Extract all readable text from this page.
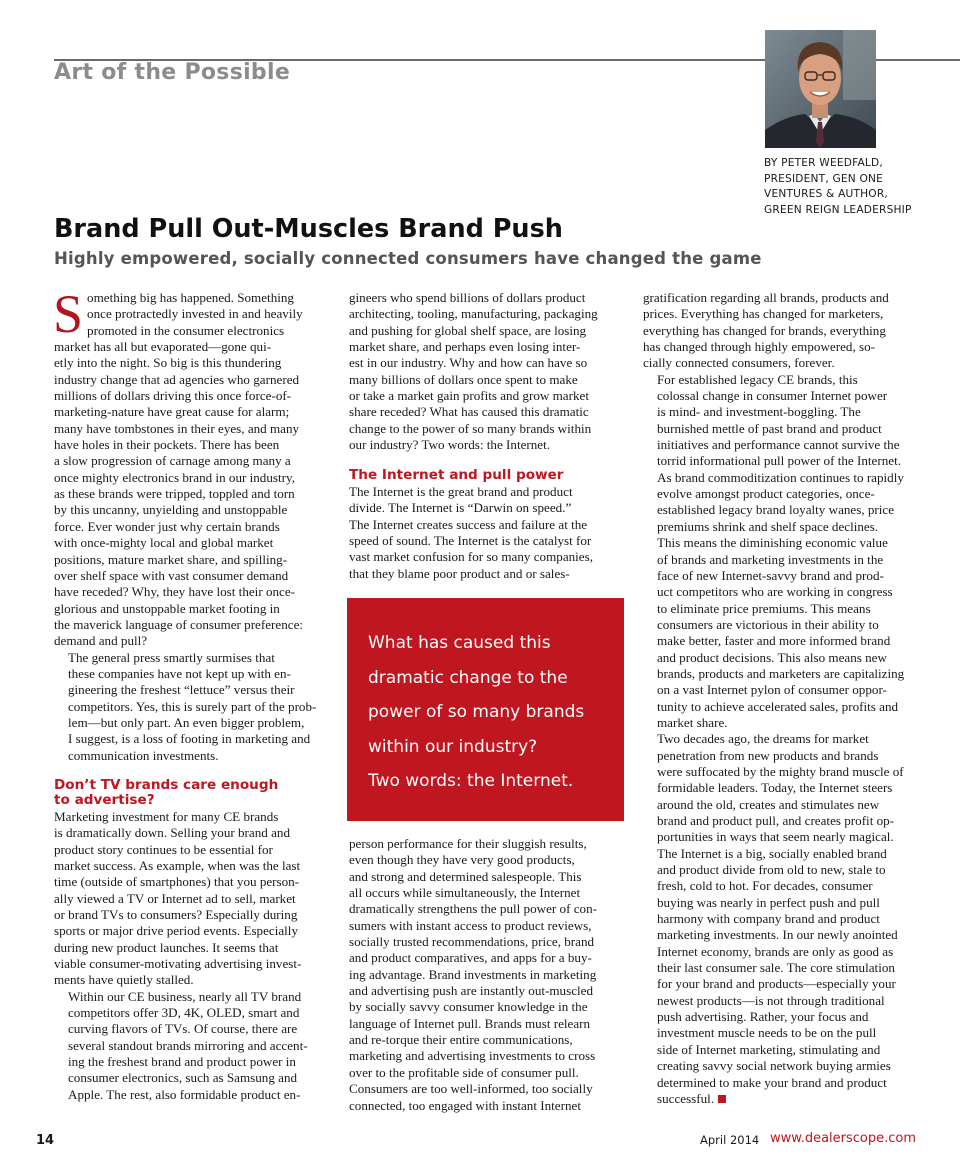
Art of the Possible
BY PETER WEEDFALD,
PRESIDENT, GEN ONE
VENTURES & AUTHOR,
GREEN REIGN LEADERSHIP
Brand Pull Out-Muscles Brand Push
Highly empowered, socially connected consumers have changed the game

S omething big has happened. Something
once protractedly invested in and heavily
promoted in the consumer electronics
market has all but evaporated—gone qui-
etly into the night. So big is this thundering
industry change that ad agencies who garnered
millions of dollars driving this once force-of-
marketing-nature have great cause for alarm;
many have tombstones in their eyes, and many
have holes in their pockets. There has been
a slow progression of carnage among many a
once mighty electronics brand in our industry,
as these brands were tripped, toppled and torn
by this uncanny, unyielding and unstoppable
force. Ever wonder just why certain brands
with once-mighty local and global market
positions, mature market share, and spilling-
over shelf space with vast consumer demand
have receded? Why, they have lost their once-
glorious and unstoppable market footing in
the maverick language of consumer preference:
demand and pull?

The general press smartly surmises that
these companies have not kept up with en-
gineering the freshest “lettuce” versus their
competitors. Yes, this is surely part of the prob-
lem—but only part. An even bigger problem,
I suggest, is a loss of footing in marketing and
communication investments.

Don’t TV brands care enough
to advertise?

Marketing investment for many CE brands
is dramatically down. Selling your brand and
product story continues to be essential for
market success. As example, when was the last
time (outside of smartphones) that you person-
ally viewed a TV or Internet ad to sell, market
or brand TVs to consumers? Especially during
sports or major drive period events. Especially
during new product launches. It seems that
viable consumer-motivating advertising invest-
ments have quietly stalled.

Within our CE business, nearly all TV brand
competitors offer 3D, 4K, OLED, smart and
curving flavors of TVs. Of course, there are
several standout brands mirroring and accent-
ing the freshest brand and product power in
consumer electronics, such as Samsung and
Apple. The rest, also formidable product en-

gineers who spend billions of dollars product
architecting, tooling, manufacturing, packaging
and pushing for global shelf space, are losing
market share, and perhaps even losing inter-
est in our industry. Why and how can have so
many billions of dollars once spent to make
or take a market gain profits and grow market
share receded? What has caused this dramatic
change to the power of so many brands within
our industry? Two words: the Internet.

The Internet and pull power

The Internet is the great brand and product
divide. The Internet is “Darwin on speed.”
The Internet creates success and failure at the
speed of sound. The Internet is the catalyst for
vast market confusion for so many companies,
that they blame poor product and or sales-

What has caused this
dramatic change to the
power of so many brands
within our industry?
Two words: the Internet.

person performance for their sluggish results,
even though they have very good products,
and strong and determined salespeople. This
all occurs while simultaneously, the Internet
dramatically strengthens the pull power of con-
sumers with instant access to product reviews,
socially trusted recommendations, price, brand
and product comparatives, and apps for a buy-
ing advantage. Brand investments in marketing
and advertising push are instantly out-muscled
by socially savvy consumer knowledge in the
language of Internet pull. Brands must relearn
and re-torque their entire communications,
marketing and advertising investments to cross
over to the profitable side of consumer pull.
Consumers are too well-informed, too socially
connected, too engaged with instant Internet

gratification regarding all brands, products and
prices. Everything has changed for marketers,
everything has changed for brands, everything
has changed through highly empowered, so-
cially connected consumers, forever.

For established legacy CE brands, this
colossal change in consumer Internet power
is mind- and investment-boggling. The
burnished mettle of past brand and product
initiatives and performance cannot survive the
torrid informational pull power of the Internet.
As brand commoditization continues to rapidly
evolve amongst product categories, once-
established legacy brand loyalty wanes, price
premiums shrink and shelf space declines.

This means the diminishing economic value
of brands and marketing investments in the
face of new Internet-savvy brand and prod-
uct competitors who are working in congress
to eliminate price premiums. This means
consumers are victorious in their ability to
make better, faster and more informed brand
and product decisions. This also means new
brands, products and marketers are capitalizing
on a vast Internet pylon of consumer oppor-
tunity to achieve accelerated sales, profits and
market share.

Two decades ago, the dreams for market
penetration from new products and brands
were suffocated by the mighty brand muscle of
formidable leaders. Today, the Internet steers
around the old, creates and stimulates new
brand and product pull, and creates profit op-
portunities in ways that seem nearly magical.

The Internet is a big, socially enabled brand
and product divide from old to new, stale to
fresh, cold to hot. For decades, consumer
buying was nearly in perfect push and pull
harmony with company brand and product
marketing investments. In our newly anointed
Internet economy, brands are only as good as
their last consumer sale. The core stimulation
for your brand and products—especially your
newest products—is not through traditional
push advertising. Rather, your focus and
investment muscle needs to be on the pull
side of Internet marketing, stimulating and
creating savvy social network buying armies
determined to make your brand and product
successful.

14	April 2014 www.dealerscope.com
